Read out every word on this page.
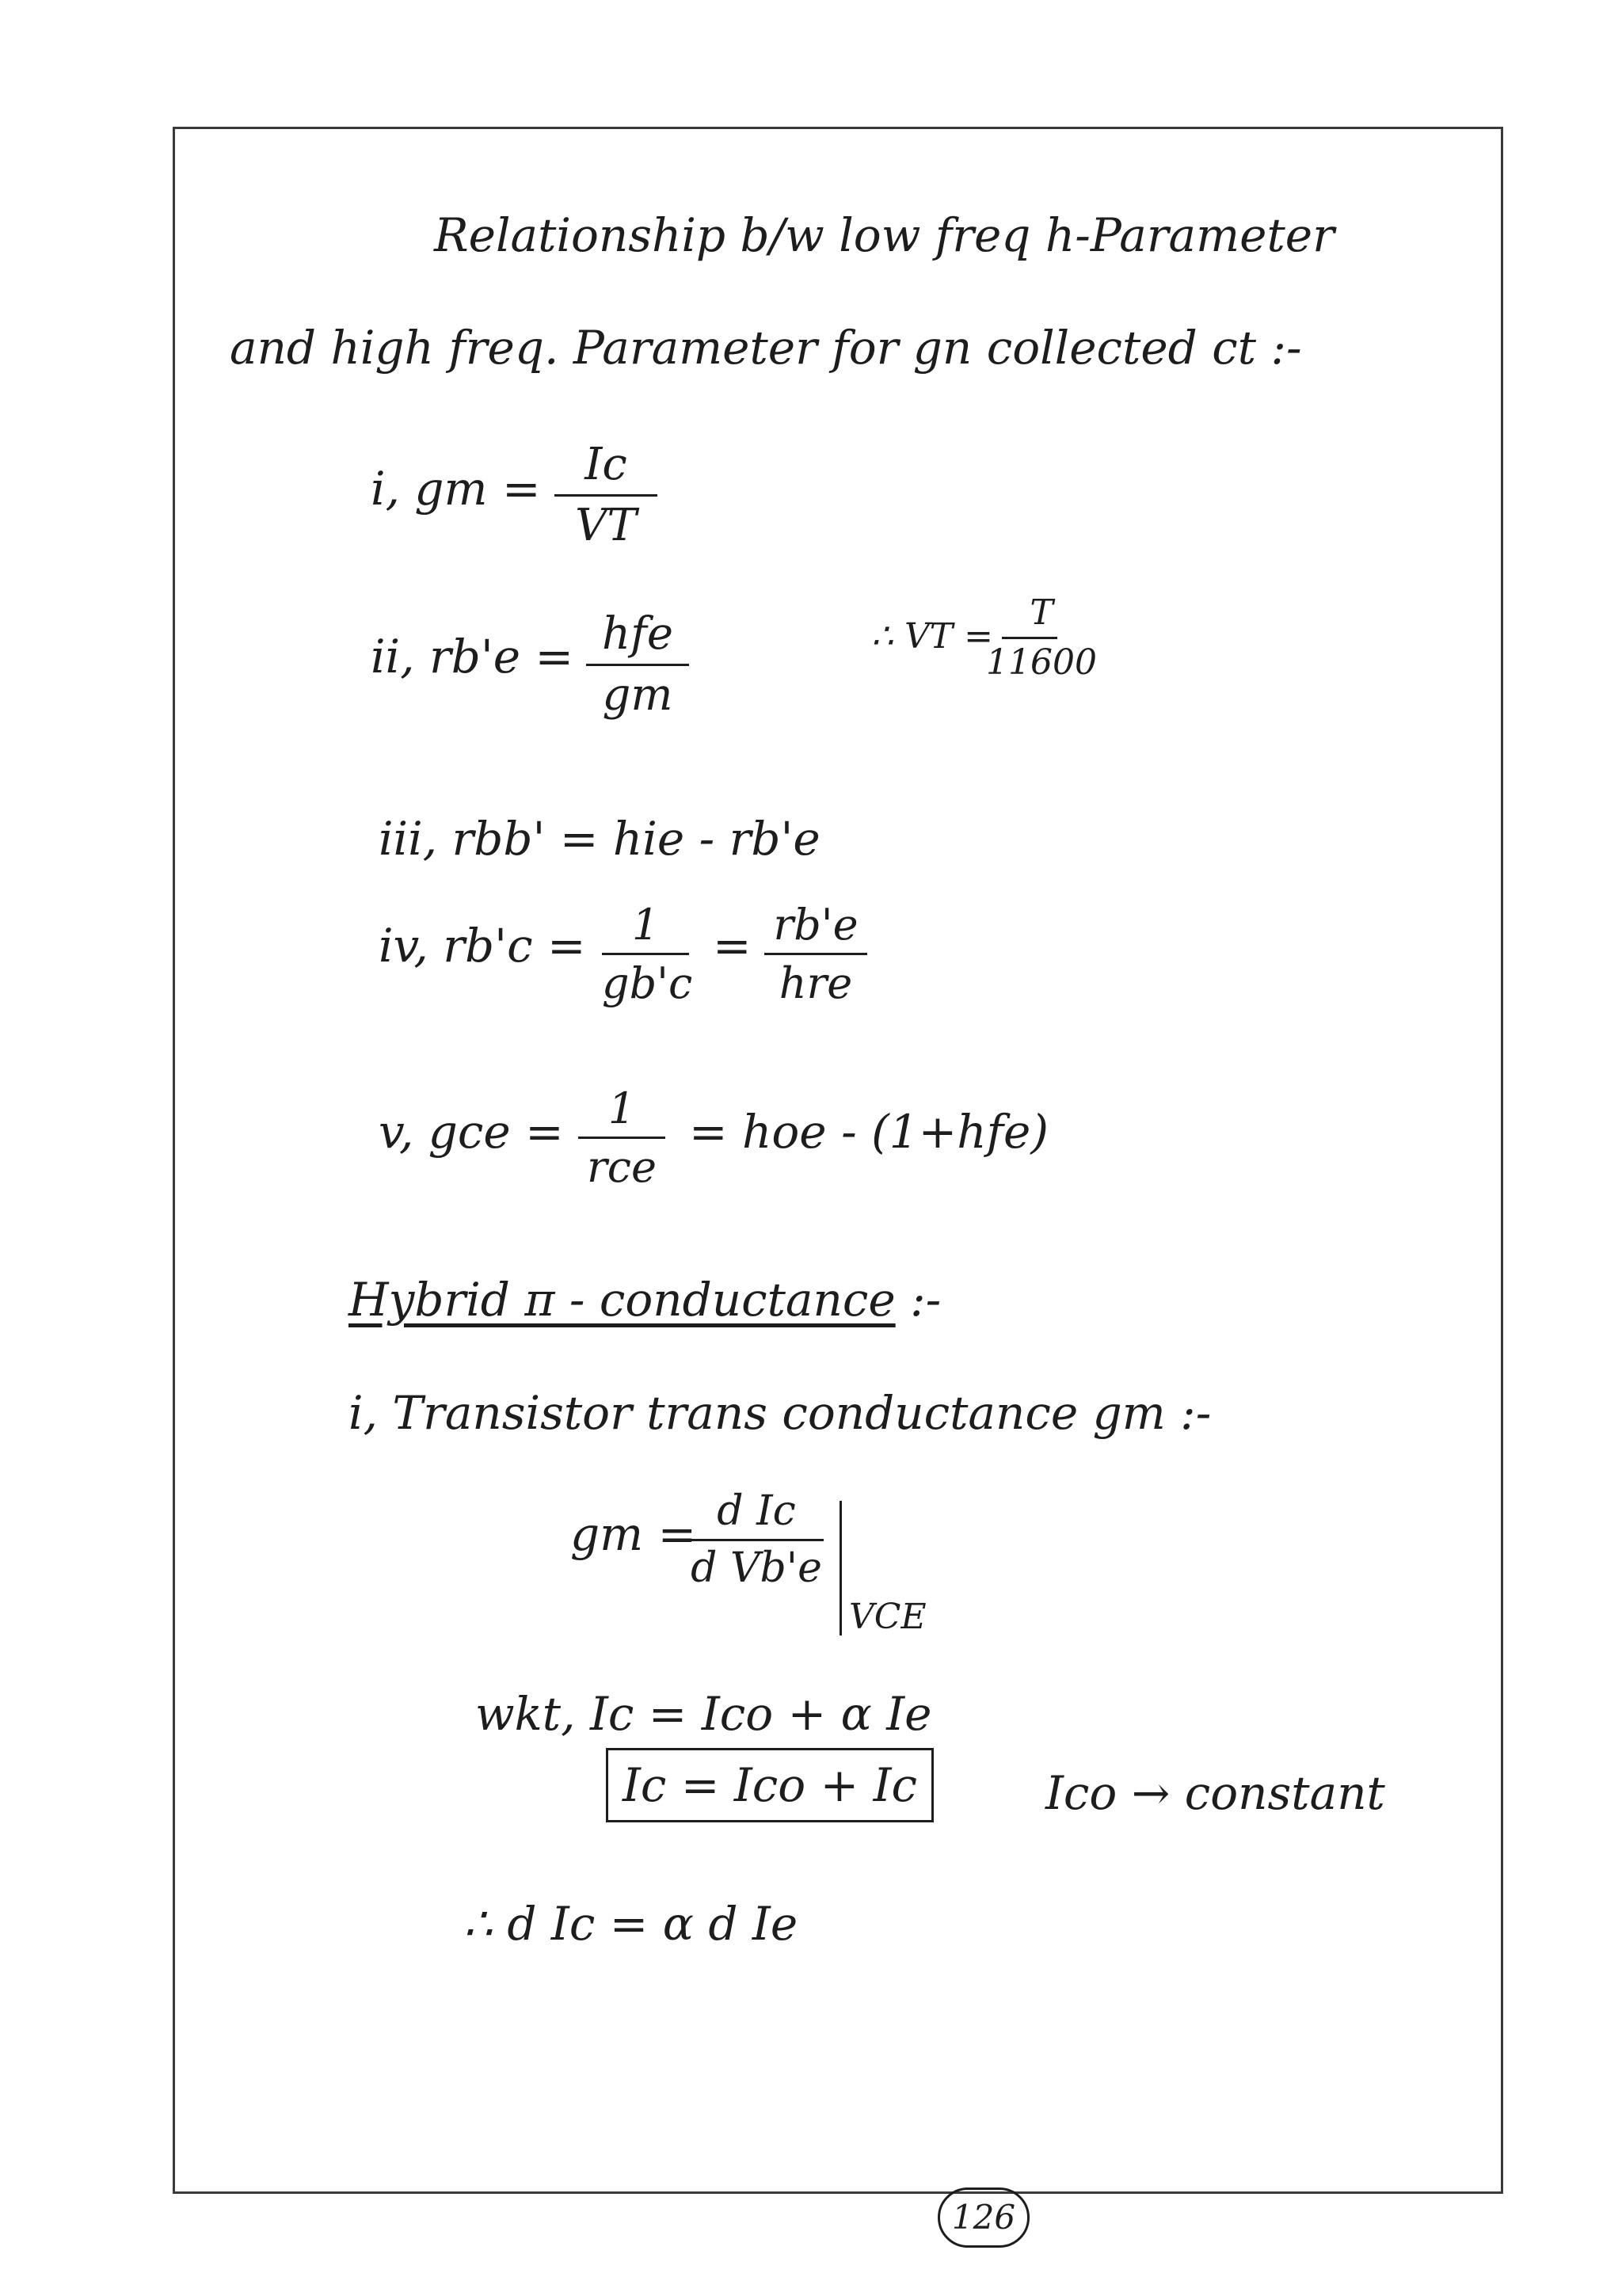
Relationship b/w low freq h-Parameter
and high freq. Parameter for gn collected ct :-
i, gm = Ic
VT
ii, rb'e = hfe
gm
∴ VT =
T
11600
iii, rbb' = hie - rb'e
iv, rb'c =	1
gb'c
= rb'e
hre
v, gce =	1
rce
= hoe - (1+hfe)
Hybrid π - conductance :-
i, Transistor trans conductance gm :-
gm = d Ic
d Vb'e
VCE
wkt, Ic = Ico + α Ie
Ic = Ico + Ic	Ico → constant
∴ d Ic = α d Ie
126
